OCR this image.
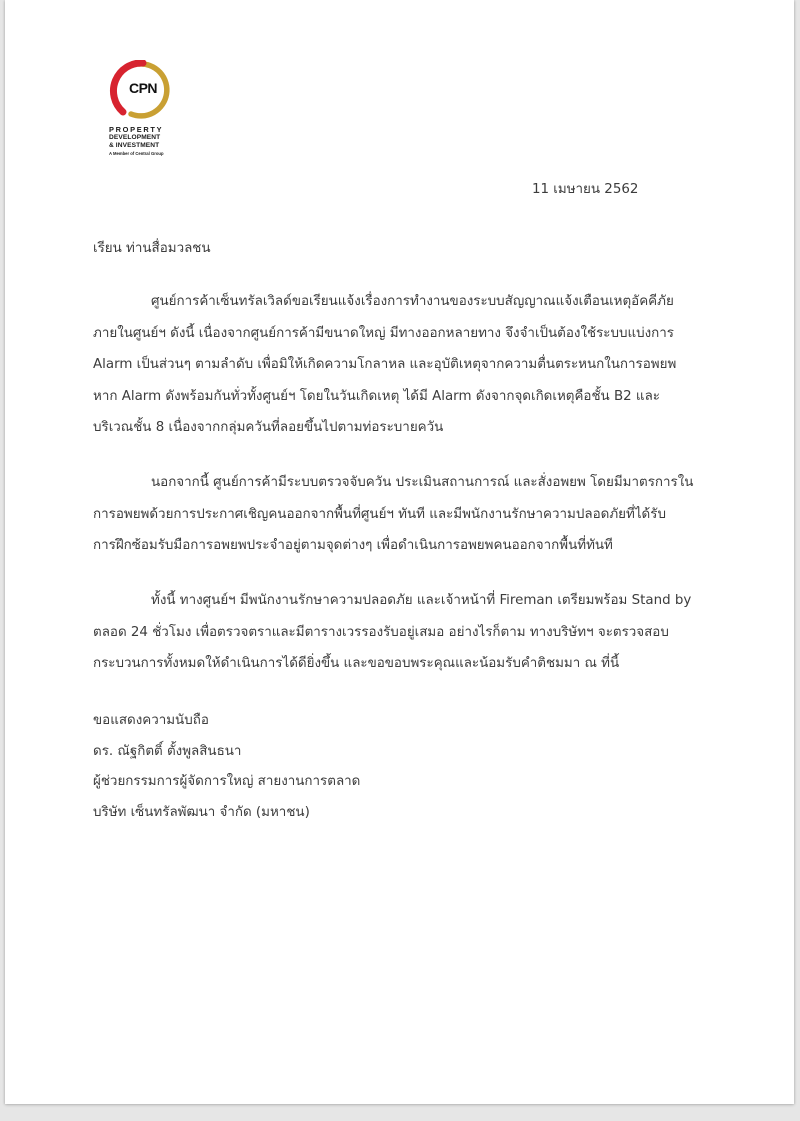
CPN
PROPERTY
DEVELOPMENT
& INVESTMENT
A Member of Central Group
11 เมษายน 2562
เรียน ท่านสื่อมวลชน
ศูนย์การค้าเซ็นทรัลเวิลด์ขอเรียนแจ้งเรื่องการทำงานของระบบสัญญาณแจ้งเตือนเหตุอัคคีภัย
ภายในศูนย์ฯ ดังนี้ เนื่องจากศูนย์การค้ามีขนาดใหญ่ มีทางออกหลายทาง จึงจำเป็นต้องใช้ระบบแบ่งการ
Alarm เป็นส่วนๆ ตามลำดับ เพื่อมิให้เกิดความโกลาหล และอุบัติเหตุจากความตื่นตระหนกในการอพยพ
หาก Alarm ดังพร้อมกันทั่วทั้งศูนย์ฯ โดยในวันเกิดเหตุ ได้มี Alarm ดังจากจุดเกิดเหตุคือชั้น B2 และ
บริเวณชั้น 8 เนื่องจากกลุ่มควันที่ลอยขึ้นไปตามท่อระบายควัน
นอกจากนี้ ศูนย์การค้ามีระบบตรวจจับควัน ประเมินสถานการณ์ และสั่งอพยพ โดยมีมาตรการใน
การอพยพด้วยการประกาศเชิญคนออกจากพื้นที่ศูนย์ฯ ทันที และมีพนักงานรักษาความปลอดภัยที่ได้รับ
การฝึกซ้อมรับมือการอพยพประจำอยู่ตามจุดต่างๆ เพื่อดำเนินการอพยพคนออกจากพื้นที่ทันที
ทั้งนี้ ทางศูนย์ฯ มีพนักงานรักษาความปลอดภัย และเจ้าหน้าที่ Fireman เตรียมพร้อม Stand by
ตลอด 24 ชั่วโมง เพื่อตรวจตราและมีตารางเวรรองรับอยู่เสมอ อย่างไรก็ตาม ทางบริษัทฯ จะตรวจสอบ
กระบวนการทั้งหมดให้ดำเนินการได้ดียิ่งขึ้น และขอขอบพระคุณและน้อมรับคำติชมมา ณ ที่นี้
ขอแสดงความนับถือ
ดร. ณัฐกิตติ์ ตั้งพูลสินธนา
ผู้ช่วยกรรมการผู้จัดการใหญ่ สายงานการตลาด
บริษัท เซ็นทรัลพัฒนา จำกัด (มหาชน)
